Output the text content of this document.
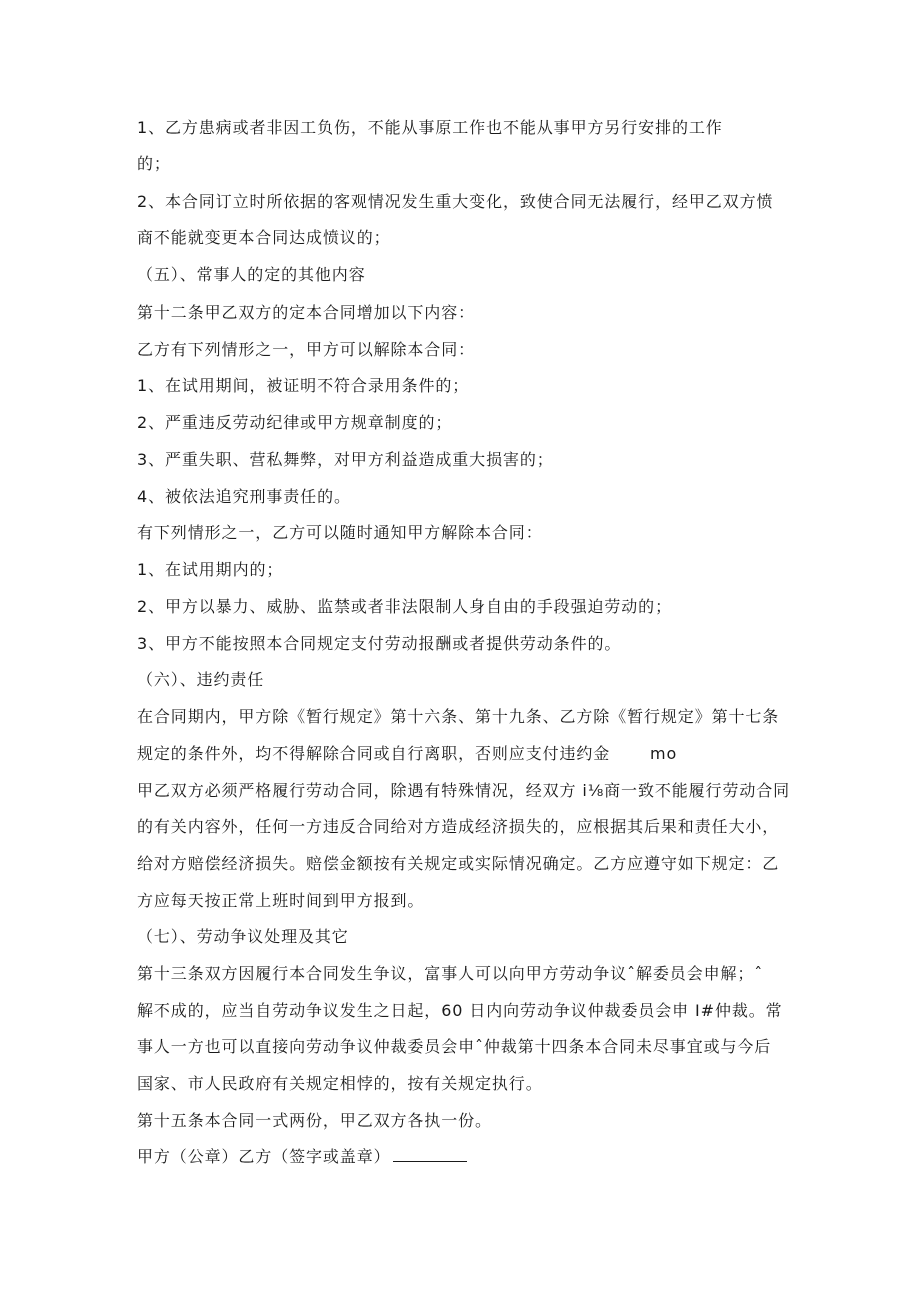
1、乙方患病或者非因工负伤，不能从事原工作也不能从事甲方另行安排的工作
的；
2、本合同订立时所依据的客观情况发生重大变化，致使合同无法履行，经甲乙双方愤
商不能就变更本合同达成愤议的；
（五）、常事人的定的其他内容
第十二条甲乙双方的定本合同增加以下内容：
乙方有下列情形之一，甲方可以解除本合同：
1、在试用期间，被证明不符合录用条件的；
2、严重违反劳动纪律或甲方规章制度的；
3、严重失职、营私舞弊，对甲方利益造成重大损害的；
4、被依法追究刑事责任的。
有下列情形之一，乙方可以随时通知甲方解除本合同：
1、在试用期内的；
2、甲方以暴力、威胁、监禁或者非法限制人身自由的手段强迫劳动的；
3、甲方不能按照本合同规定支付劳动报酬或者提供劳动条件的。
（六）、违约责任
在合同期内，甲方除《暂行规定》第十六条、第十九条、乙方除《暂行规定》第十七条
规定的条件外，均不得解除合同或自行离职，否则应支付违约金　　 mo
甲乙双方必须严格履行劳动合同，除遇有特殊情况，经双方 i⅛商一致不能履行劳动合同
的有关内容外，任何一方违反合同给对方造成经济损失的，应根据其后果和责任大小，
给对方赔偿经济损失。赔偿金额按有关规定或实际情况确定。乙方应遵守如下规定：乙
方应每天按正常上班时间到甲方报到。
（七）、劳动争议处理及其它
第十三条双方因履行本合同发生争议，富事人可以向甲方劳动争议ˆ解委员会申解；ˆ
解不成的，应当自劳动争议发生之日起，60 日内向劳动争议仲裁委员会申 I#仲裁。常
事人一方也可以直接向劳动争议仲裁委员会申ˆ仲裁第十四条本合同未尽事宜或与今后
国家、市人民政府有关规定相悖的，按有关规定执行。
第十五条本合同一式两份，甲乙双方各执一份。
甲方（公章）乙方（签字或盖章）
